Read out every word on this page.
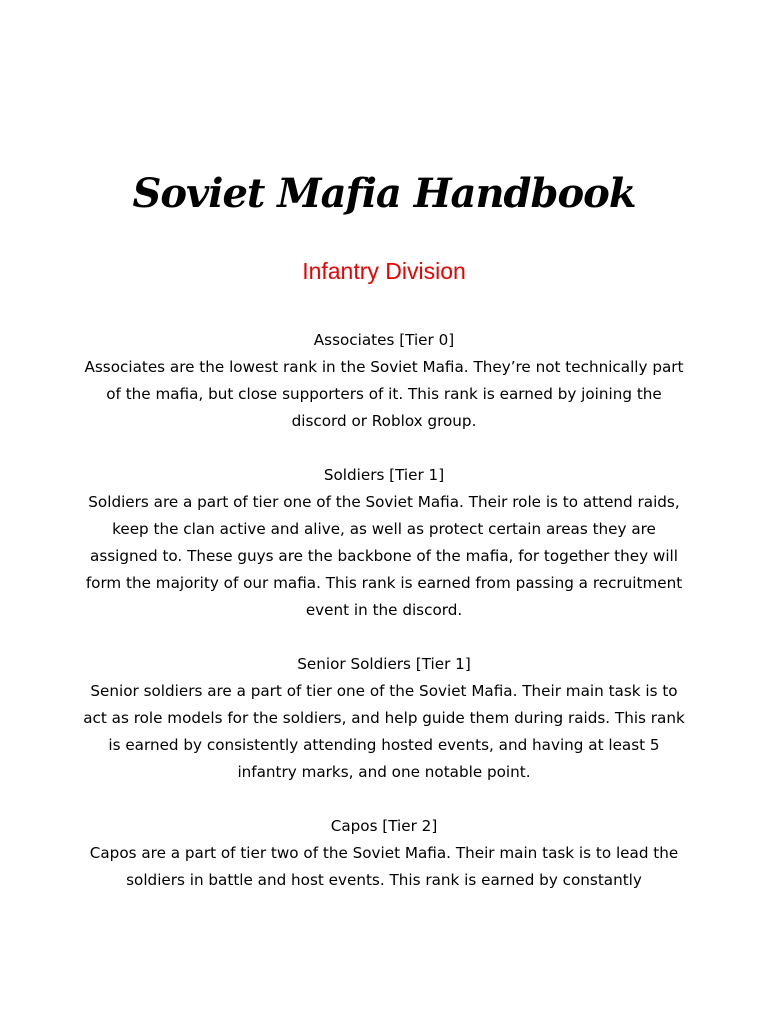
Soviet Mafia Handbook
Infantry Division
Associates [Tier 0]
Associates are the lowest rank in the Soviet Mafia. They’re not technically part of the mafia, but close supporters of it. This rank is earned by joining the discord or Roblox group.
Soldiers [Tier 1]
Soldiers are a part of tier one of the Soviet Mafia. Their role is to attend raids, keep the clan active and alive, as well as protect certain areas they are assigned to. These guys are the backbone of the mafia, for together they will form the majority of our mafia. This rank is earned from passing a recruitment event in the discord.
Senior Soldiers [Tier 1]
Senior soldiers are a part of tier one of the Soviet Mafia. Their main task is to act as role models for the soldiers, and help guide them during raids. This rank is earned by consistently attending hosted events, and having at least 5 infantry marks, and one notable point.
Capos [Tier 2]
Capos are a part of tier two of the Soviet Mafia. Their main task is to lead the soldiers in battle and host events. This rank is earned by constantly
